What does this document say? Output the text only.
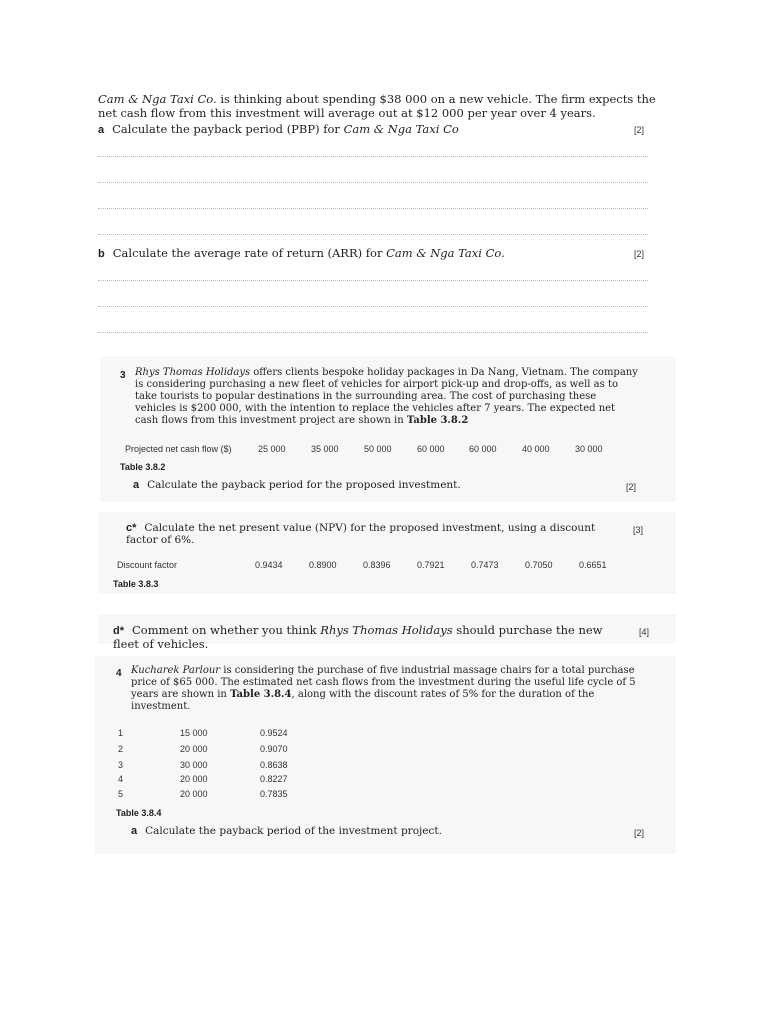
Cam & Nga Taxi Co. is thinking about spending $38 000 on a new vehicle. The firm expects the net cash flow from this investment will average out at $12 000 per year over 4 years.
a Calculate the payback period (PBP) for Cam & Nga Taxi Co	[2]
b Calculate the average rate of return (ARR) for Cam & Nga Taxi Co.	[2]
3 Rhys Thomas Holidays offers clients bespoke holiday packages in Da Nang, Vietnam. The company is considering purchasing a new fleet of vehicles for airport pick-up and drop-offs, as well as to take tourists to popular destinations in the surrounding area. The cost of purchasing these vehicles is $200 000, with the intention to replace the vehicles after 7 years. The expected net cash flows from this investment project are shown in Table 3.8.2
Projected net cash flow ($)	25 000	35 000	50 000	60 000	60 000	40 000	30 000
Table 3.8.2
a Calculate the payback period for the proposed investment.	[2]
c* Calculate the net present value (NPV) for the proposed investment, using a discount factor of 6%.
[3]
Discount factor	0.9434	0.8900	0.8396	0.7921	0.7473	0.7050	0.6651
Table 3.8.3
d* Comment on whether you think Rhys Thomas Holidays should purchase the new fleet of vehicles.
[4]
4 Kucharek Parlour is considering the purchase of five industrial massage chairs for a total purchase price of $65 000. The estimated net cash flows from the investment during the useful life cycle of 5 years are shown in Table 3.8.4, along with the discount rates of 5% for the duration of the investment.
1	15 000	0.9524
2	20 000	0.9070
3	30 000	0.8638
4	20 000	0.8227
5	20 000	0.7835
Table 3.8.4
a Calculate the payback period of the investment project.	[2]
